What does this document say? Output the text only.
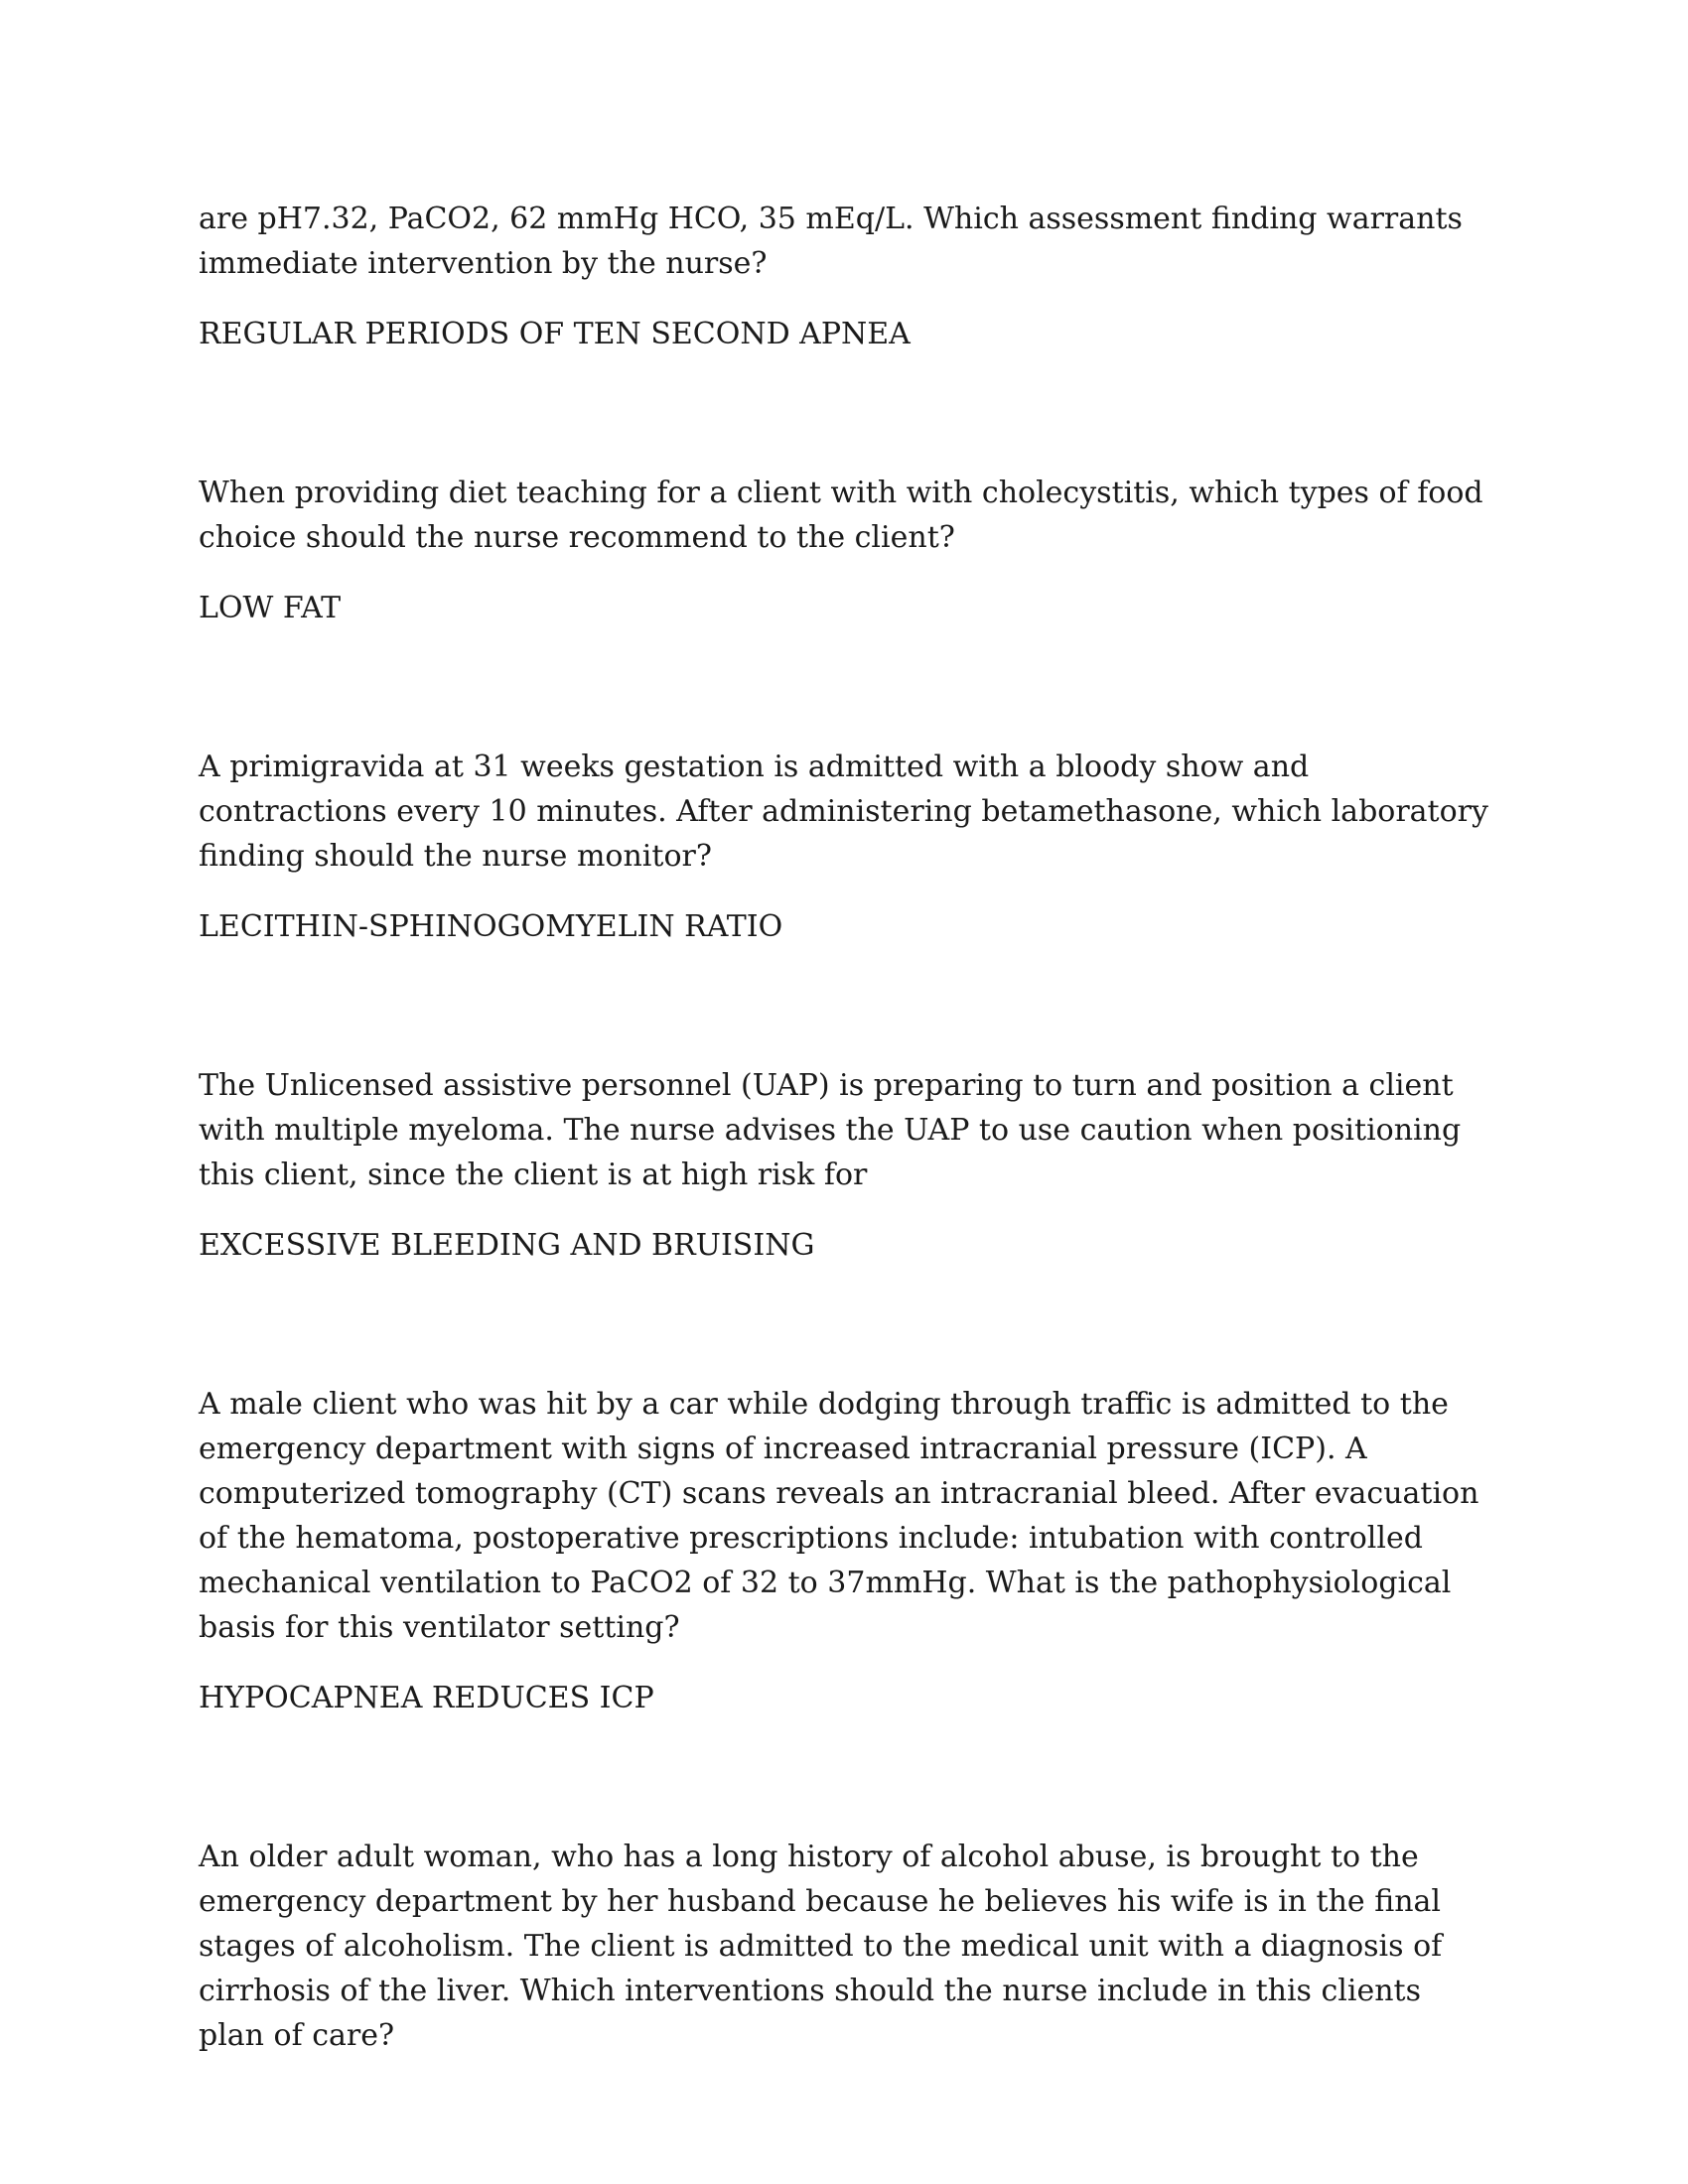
are pH7.32, PaCO2, 62 mmHg HCO, 35 mEq/L. Which assessment finding warrants immediate intervention by the nurse?

REGULAR PERIODS OF TEN SECOND APNEA

When providing diet teaching for a client with with cholecystitis, which types of food choice should the nurse recommend to the client?

LOW FAT

A primigravida at 31 weeks gestation is admitted with a bloody show and contractions every 10 minutes. After administering betamethasone, which laboratory finding should the nurse monitor?

LECITHIN-SPHINOGOMYELIN RATIO

The Unlicensed assistive personnel (UAP) is preparing to turn and position a client with multiple myeloma. The nurse advises the UAP to use caution when positioning this client, since the client is at high risk for

EXCESSIVE BLEEDING AND BRUISING

A male client who was hit by a car while dodging through traffic is admitted to the emergency department with signs of increased intracranial pressure (ICP). A computerized tomography (CT) scans reveals an intracranial bleed. After evacuation of the hematoma, postoperative prescriptions include: intubation with controlled mechanical ventilation to PaCO2 of 32 to 37mmHg. What is the pathophysiological basis for this ventilator setting?

HYPOCAPNEA REDUCES ICP

An older adult woman, who has a long history of alcohol abuse, is brought to the emergency department by her husband because he believes his wife is in the final stages of alcoholism. The client is admitted to the medical unit with a diagnosis of cirrhosis of the liver. Which interventions should the nurse include in this clients plan of care?
